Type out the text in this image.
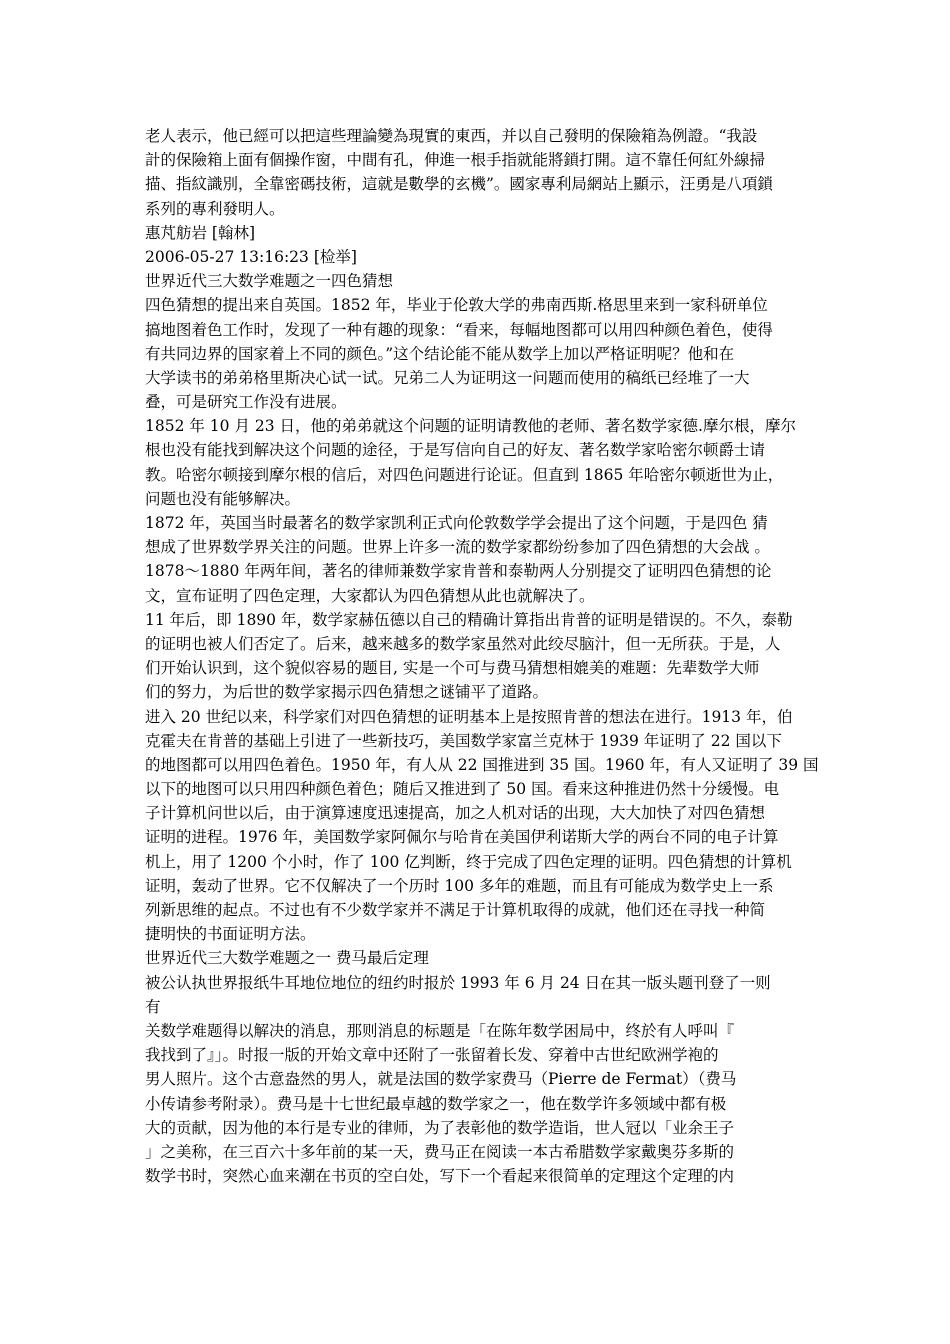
老人表示，他已經可以把這些理論變為現實的東西，并以自己發明的保險箱為例證。“我設
計的保險箱上面有個操作窗，中間有孔，伸進一根手指就能將鎖打開。這不靠任何紅外線掃
描、指紋識別，全靠密碼技術，這就是數學的玄機”。國家專利局網站上顯示，汪勇是八項鎖
系列的專利發明人。
惠芃舫岩 [翰林]
2006-05-27 13:16:23 [检举]
世界近代三大数学难题之一四色猜想
四色猜想的提出来自英国。1852 年，毕业于伦敦大学的弗南西斯.格思里来到一家科研单位
搞地图着色工作时，发现了一种有趣的现象：“看来，每幅地图都可以用四种颜色着色，使得
有共同边界的国家着上不同的颜色。”这个结论能不能从数学上加以严格证明呢？他和在
大学读书的弟弟格里斯决心试一试。兄弟二人为证明这一问题而使用的稿纸已经堆了一大
叠，可是研究工作没有进展。
1852 年 10 月 23 日，他的弟弟就这个问题的证明请教他的老师、著名数学家德.摩尔根，摩尔
根也没有能找到解决这个问题的途径，于是写信向自己的好友、著名数学家哈密尔顿爵士请
教。哈密尔顿接到摩尔根的信后，对四色问题进行论证。但直到 1865 年哈密尔顿逝世为止，
问题也没有能够解决。
1872 年，英国当时最著名的数学家凯利正式向伦敦数学学会提出了这个问题，于是四色 猜
想成了世界数学界关注的问题。世界上许多一流的数学家都纷纷参加了四色猜想的大会战 。
1878～1880 年两年间，著名的律师兼数学家肯普和泰勒两人分别提交了证明四色猜想的论
文，宣布证明了四色定理，大家都认为四色猜想从此也就解决了。
11 年后，即 1890 年，数学家赫伍德以自己的精确计算指出肯普的证明是错误的。不久，泰勒
的证明也被人们否定了。后来，越来越多的数学家虽然对此绞尽脑汁，但一无所获。于是，人
们开始认识到，这个貌似容易的题目, 实是一个可与费马猜想相媲美的难题：先辈数学大师
们的努力，为后世的数学家揭示四色猜想之谜铺平了道路。
进入 20 世纪以来，科学家们对四色猜想的证明基本上是按照肯普的想法在进行。1913 年，伯
克霍夫在肯普的基础上引进了一些新技巧，美国数学家富兰克林于 1939 年证明了 22 国以下
的地图都可以用四色着色。1950 年，有人从 22 国推进到 35 国。1960 年，有人又证明了 39 国
以下的地图可以只用四种颜色着色；随后又推进到了 50 国。看来这种推进仍然十分缓慢。电
子计算机问世以后，由于演算速度迅速提高，加之人机对话的出现，大大加快了对四色猜想
证明的进程。1976 年，美国数学家阿佩尔与哈肯在美国伊利诺斯大学的两台不同的电子计算
机上，用了 1200 个小时，作了 100 亿判断，终于完成了四色定理的证明。四色猜想的计算机
证明，轰动了世界。它不仅解决了一个历时 100 多年的难题，而且有可能成为数学史上一系
列新思维的起点。不过也有不少数学家并不满足于计算机取得的成就，他们还在寻找一种简
捷明快的书面证明方法。
世界近代三大数学难题之一 费马最后定理
被公认执世界报纸牛耳地位地位的纽约时报於 1993 年 6 月 24 日在其一版头题刊登了一则
有
关数学难题得以解决的消息，那则消息的标题是「在陈年数学困局中，终於有人呼叫『
我找到了』」。时报一版的开始文章中还附了一张留着长发、穿着中古世纪欧洲学袍的
男人照片。这个古意盎然的男人，就是法国的数学家费马（Pierre de Fermat）（费马
小传请参考附录）。费马是十七世纪最卓越的数学家之一，他在数学许多领域中都有极
大的贡献，因为他的本行是专业的律师，为了表彰他的数学造诣，世人冠以「业余王子
」之美称，在三百六十多年前的某一天，费马正在阅读一本古希腊数学家戴奥芬多斯的
数学书时，突然心血来潮在书页的空白处，写下一个看起来很简单的定理这个定理的内
